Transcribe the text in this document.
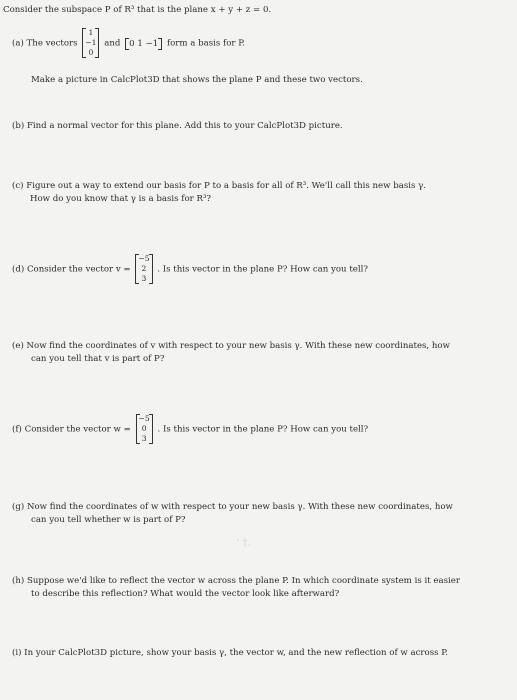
Consider the subspace P of R³ that is the plane x + y + z = 0.
(a) The vectors
1
−1
0
and 0 1 −1 form a basis for P.
Make a picture in CalcPlot3D that shows the plane P and these two vectors.
(b) Find a normal vector for this plane. Add this to your CalcPlot3D picture.
(c) Figure out a way to extend our basis for P to a basis for all of R³. We'll call this new basis γ.
How do you know that γ is a basis for R³?
(d) Consider the vector v =
−5
2
3
. Is this vector in the plane P? How can you tell?
(e) Now find the coordinates of v with respect to your new basis γ. With these new coordinates, how
can you tell that v is part of P?
(f) Consider the vector w =
−5
0
3
. Is this vector in the plane P? How can you tell?
(g) Now find the coordinates of w with respect to your new basis γ. With these new coordinates, how
can you tell whether w is part of P?
‘ †.
(h) Suppose we'd like to reflect the vector w across the plane P. In which coordinate system is it easier
to describe this reflection? What would the vector look like afterward?
(i) In your CalcPlot3D picture, show your basis γ, the vector w, and the new reflection of w across P.
